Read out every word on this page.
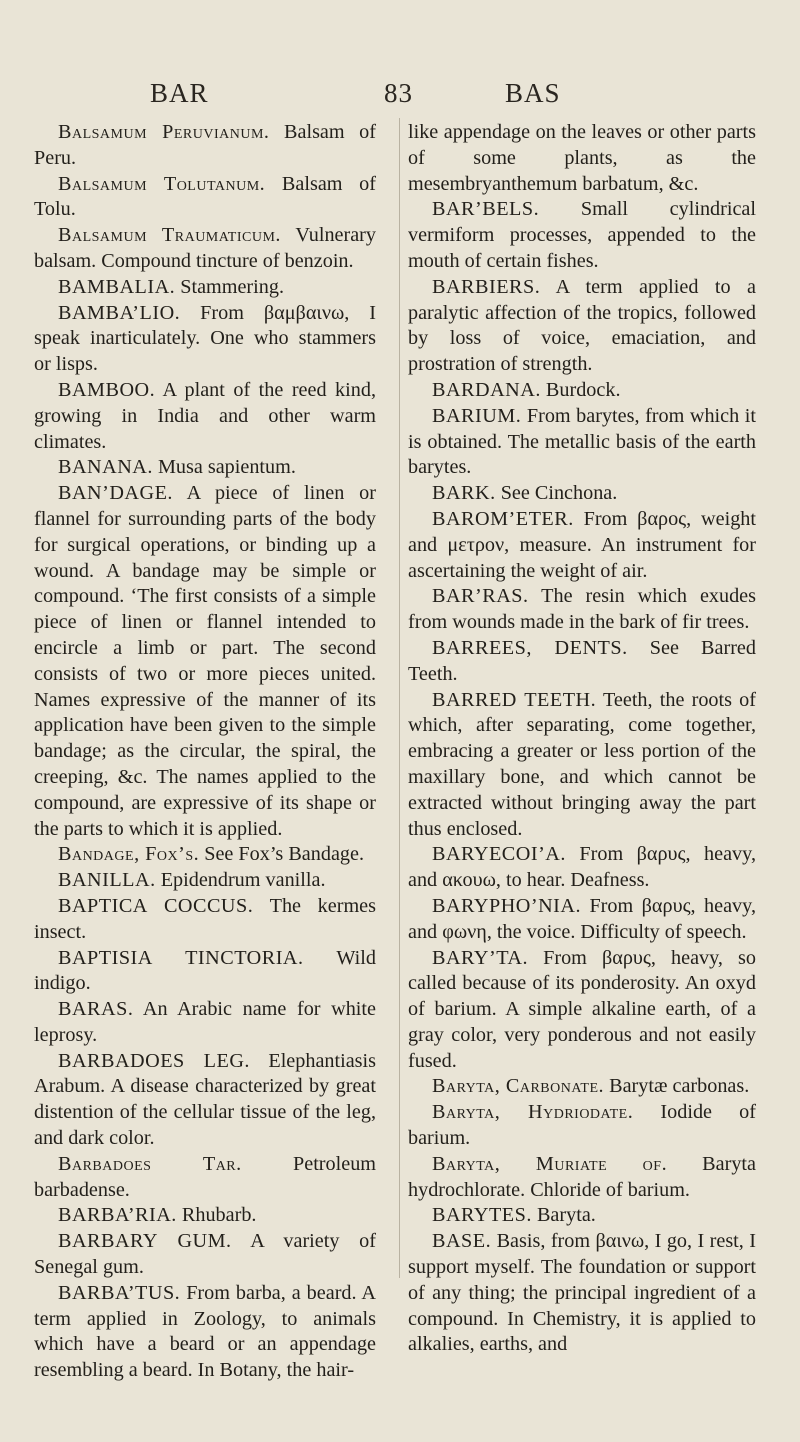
BAR	83	BAS

Balsamum Peruvianum. Balsam of Peru.

Balsamum Tolutanum. Balsam of Tolu.

Balsamum Traumaticum. Vulnerary balsam. Compound tincture of benzoin.

BAMBALIA. Stammering.

BAMBA’LIO. From βαμβαινω, I speak inarticulately. One who stammers or lisps.

BAMBOO. A plant of the reed kind, growing in India and other warm climates.

BANANA. Musa sapientum.

BAN’DAGE. A piece of linen or flannel for surrounding parts of the body for surgical operations, or binding up a wound. A bandage may be simple or compound. ‘The first consists of a simple piece of linen or flannel intended to encircle a limb or part. The second consists of two or more pieces united. Names expressive of the manner of its application have been given to the simple bandage; as the circular, the spiral, the creeping, &c. The names applied to the compound, are expressive of its shape or the parts to which it is applied.

Bandage, Fox’s. See Fox’s Bandage.

BANILLA. Epidendrum vanilla.

BAPTICA COCCUS. The kermes insect.

BAPTISIA TINCTORIA. Wild indigo.

BARAS. An Arabic name for white leprosy.

BARBADOES LEG. Elephantiasis Arabum. A disease characterized by great distention of the cellular tissue of the leg, and dark color.

Barbadoes Tar. Petroleum barbadense.

BARBA’RIA. Rhubarb.

BARBARY GUM. A variety of Senegal gum.

BARBA’TUS. From barba, a beard. A term applied in Zoology, to animals which have a beard or an appendage resembling a beard. In Botany, the hair-

like appendage on the leaves or other parts of some plants, as the mesembryanthemum barbatum, &c.

BAR’BELS. Small cylindrical vermiform processes, appended to the mouth of certain fishes.

BARBIERS. A term applied to a paralytic affection of the tropics, followed by loss of voice, emaciation, and prostration of strength.

BARDANA. Burdock.

BARIUM. From barytes, from which it is obtained. The metallic basis of the earth barytes.

BARK. See Cinchona.

BAROM’ETER. From βαρος, weight and μετρον, measure. An instrument for ascertaining the weight of air.

BAR’RAS. The resin which exudes from wounds made in the bark of fir trees.

BARREES, DENTS. See Barred Teeth.

BARRED TEETH. Teeth, the roots of which, after separating, come together, embracing a greater or less portion of the maxillary bone, and which cannot be extracted without bringing away the part thus enclosed.

BARYECOI’A. From βαρυς, heavy, and ακουω, to hear. Deafness.

BARYPHO’NIA. From βαρυς, heavy, and φωνη, the voice. Difficulty of speech.

BARY’TA. From βαρυς, heavy, so called because of its ponderosity. An oxyd of barium. A simple alkaline earth, of a gray color, very ponderous and not easily fused.

Baryta, Carbonate. Barytæ carbonas.

Baryta, Hydriodate. Iodide of barium.

Baryta, Muriate of. Baryta hydrochlorate. Chloride of barium.

BARYTES. Baryta.

BASE. Basis, from βαινω, I go, I rest, I support myself. The foundation or support of any thing; the principal ingredient of a compound. In Chemistry, it is applied to alkalies, earths, and
